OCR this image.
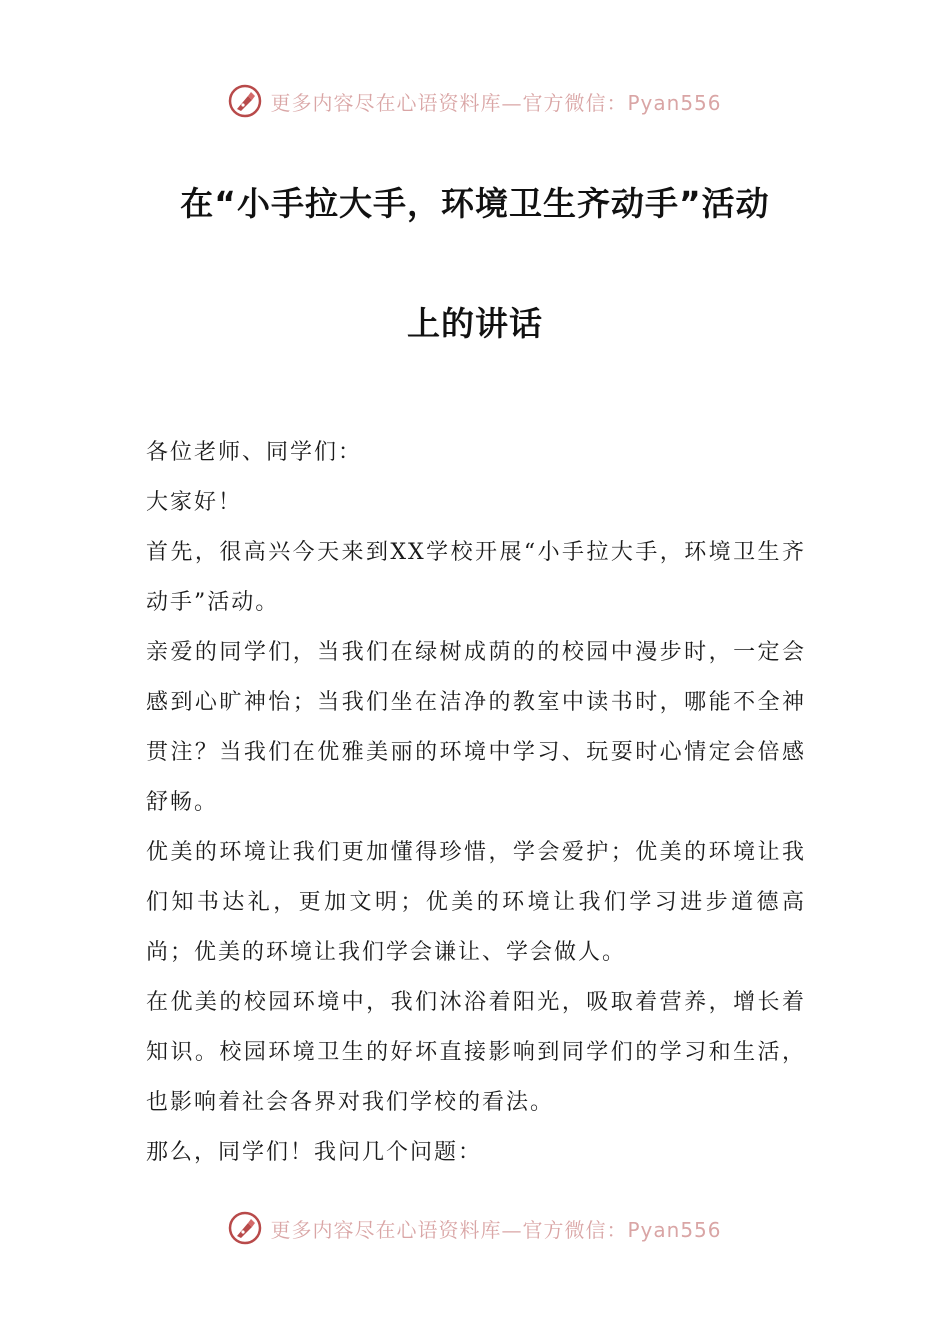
更多内容尽在心语资料库—官方微信：Pyan556
在“小手拉大手，环境卫生齐动手”活动
上的讲话

各位老师、同学们：

大家好！

首先，很高兴今天来到XX学校开展“小手拉大手，环境卫生齐动手”活动。

亲爱的同学们，当我们在绿树成荫的的校园中漫步时，一定会感到心旷神怡；当我们坐在洁净的教室中读书时，哪能不全神贯注？当我们在优雅美丽的环境中学习、玩耍时心情定会倍感舒畅。

优美的环境让我们更加懂得珍惜，学会爱护；优美的环境让我们知书达礼，更加文明；优美的环境让我们学习进步道德高尚；优美的环境让我们学会谦让、学会做人。

在优美的校园环境中，我们沐浴着阳光，吸取着营养，增长着知识。校园环境卫生的好坏直接影响到同学们的学习和生活，也影响着社会各界对我们学校的看法。

那么，同学们！我问几个问题：

更多内容尽在心语资料库—官方微信：Pyan556
